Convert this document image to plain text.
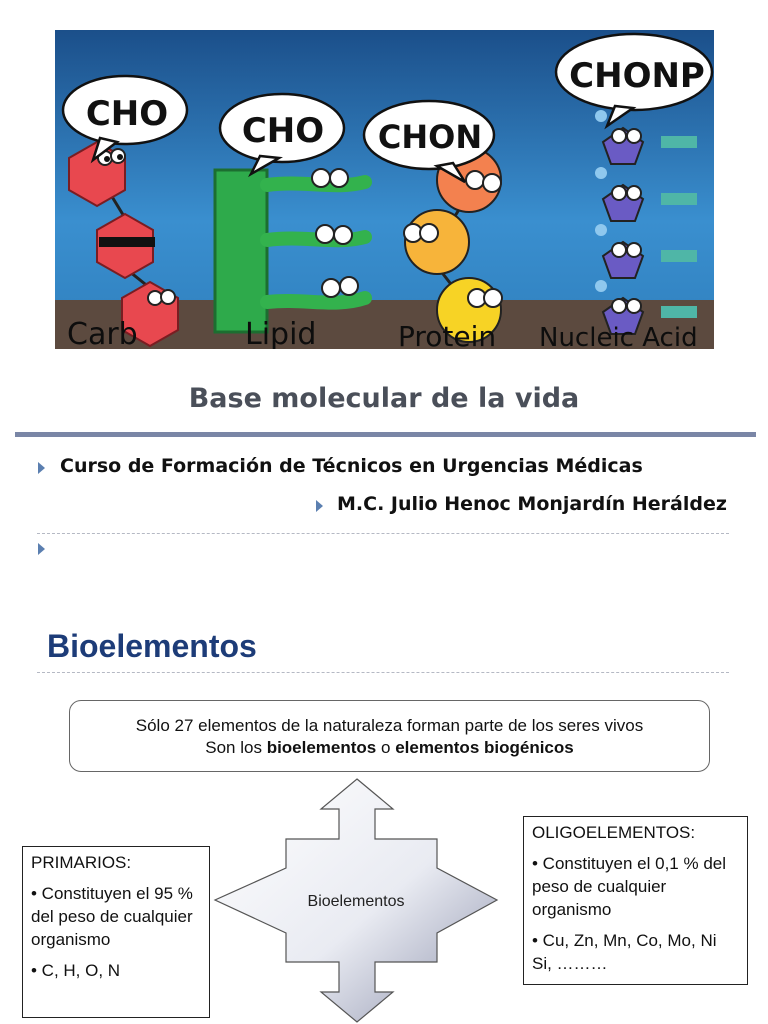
CHO CHO CHON
CHONP
Carb	Lipid	Protein Nucleic Acid
Base molecular de la vida
Curso de Formación de Técnicos en Urgencias Médicas
M.C. Julio Henoc Monjardín Heráldez
Bioelementos
Sólo 27 elementos de la naturaleza forman parte de los seres vivos
Son los bioelementos o elementos biogénicos
Bioelementos

PRIMARIOS:

• Constituyen el 95 % del peso de cualquier organismo

• C, H, O, N

OLIGOELEMENTOS:

• Constituyen el 0,1 % del peso de cualquier organismo

• Cu, Zn, Mn, Co, Mo, Ni Si, ………
